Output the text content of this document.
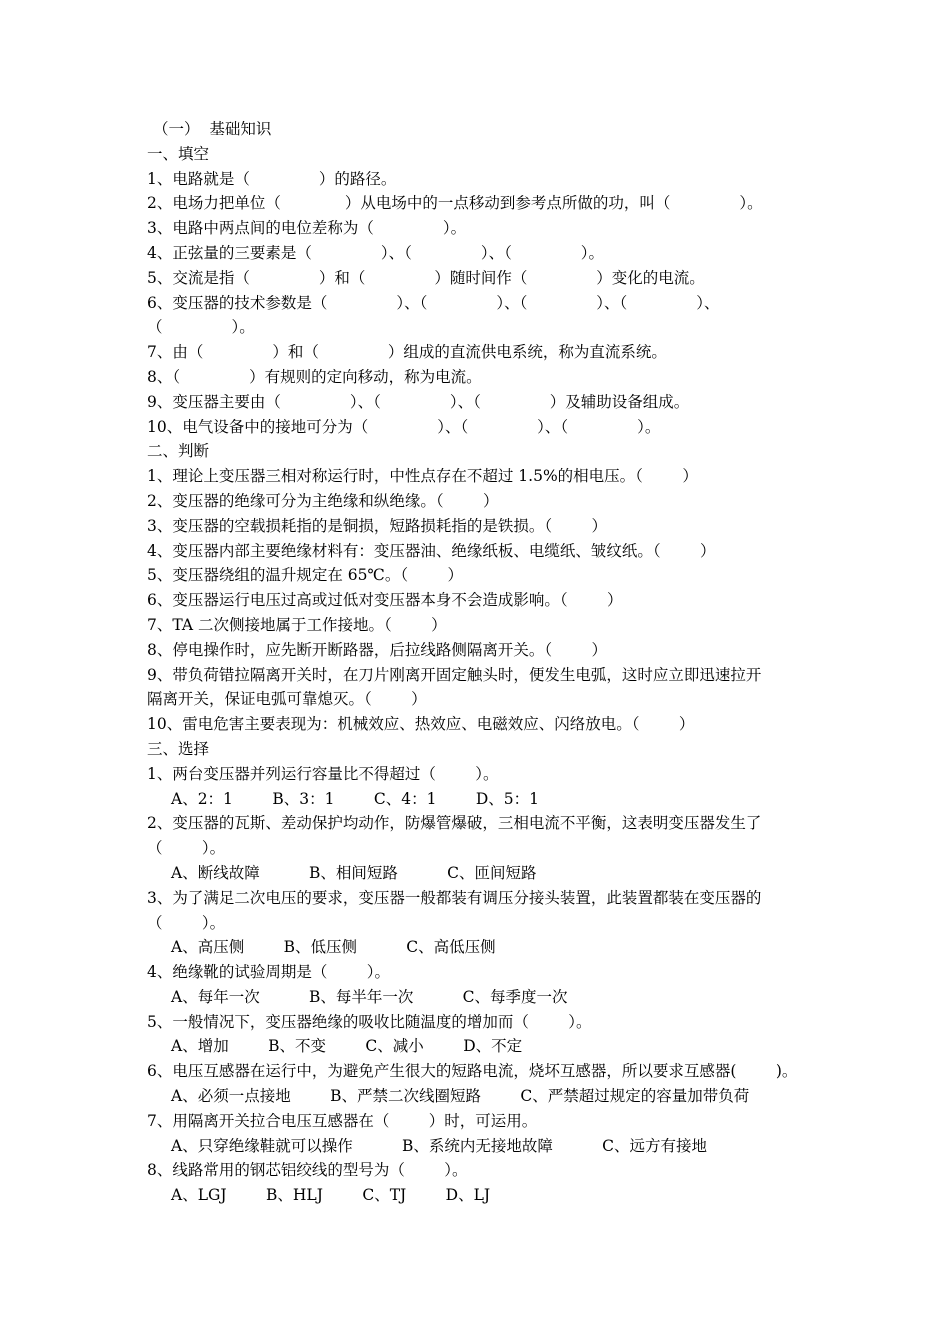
（一）  基础知识
一、填空
1、电路就是（              ）的路径。
2、电场力把单位（             ）从电场中的一点移动到参考点所做的功，叫（              ）。
3、电路中两点间的电位差称为（              ）。
4、正弦量的三要素是（              ）、（              ）、（              ）。
5、交流是指（              ）和（              ）随时间作（              ）变化的电流。
6、变压器的技术参数是（              ）、（              ）、（              ）、（              ）、
（              ）。
7、由（              ）和（              ）组成的直流供电系统，称为直流系统。
8、（              ）有规则的定向移动，称为电流。
9、变压器主要由（              ）、（              ）、（              ）及辅助设备组成。
10、电气设备中的接地可分为（              ）、（              ）、（              ）。
二、判断
1、理论上变压器三相对称运行时，中性点存在不超过 1.5%的相电压。（        ）
2、变压器的绝缘可分为主绝缘和纵绝缘。（        ）
3、变压器的空载损耗指的是铜损，短路损耗指的是铁损。（        ）
4、变压器内部主要绝缘材料有：变压器油、绝缘纸板、电缆纸、皱纹纸。（        ）
5、变压器绕组的温升规定在 65℃。（        ）
6、变压器运行电压过高或过低对变压器本身不会造成影响。（        ）
7、TA 二次侧接地属于工作接地。（        ）
8、停电操作时，应先断开断路器，后拉线路侧隔离开关。（        ）
9、带负荷错拉隔离开关时，在刀片刚离开固定触头时，便发生电弧，这时应立即迅速拉开
隔离开关，保证电弧可靠熄灭。（        ）
10、雷电危害主要表现为：机械效应、热效应、电磁效应、闪络放电。（        ）
三、选择
1、两台变压器并列运行容量比不得超过（        ）。
A、2：1        B、3：1        C、4：1        D、5：1
2、变压器的瓦斯、差动保护均动作，防爆管爆破，三相电流不平衡，这表明变压器发生了
（        ）。
A、断线故障          B、相间短路          C、匝间短路
3、为了满足二次电压的要求，变压器一般都装有调压分接头装置，此装置都装在变压器的
（        ）。
A、高压侧        B、低压侧          C、高低压侧
4、绝缘靴的试验周期是（        ）。
A、每年一次          B、每半年一次          C、每季度一次
5、一般情况下，变压器绝缘的吸收比随温度的增加而（        ）。
A、增加        B、不变        C、减小        D、不定
6、电压互感器在运行中，为避免产生很大的短路电流，烧坏互感器，所以要求互感器(        )。
A、必须一点接地        B、严禁二次线圈短路        C、严禁超过规定的容量加带负荷
7、用隔离开关拉合电压互感器在（        ）时，可运用。
A、只穿绝缘鞋就可以操作          B、系统内无接地故障          C、远方有接地
8、线路常用的钢芯铝绞线的型号为（        ）。
A、LGJ        B、HLJ        C、TJ        D、LJ
